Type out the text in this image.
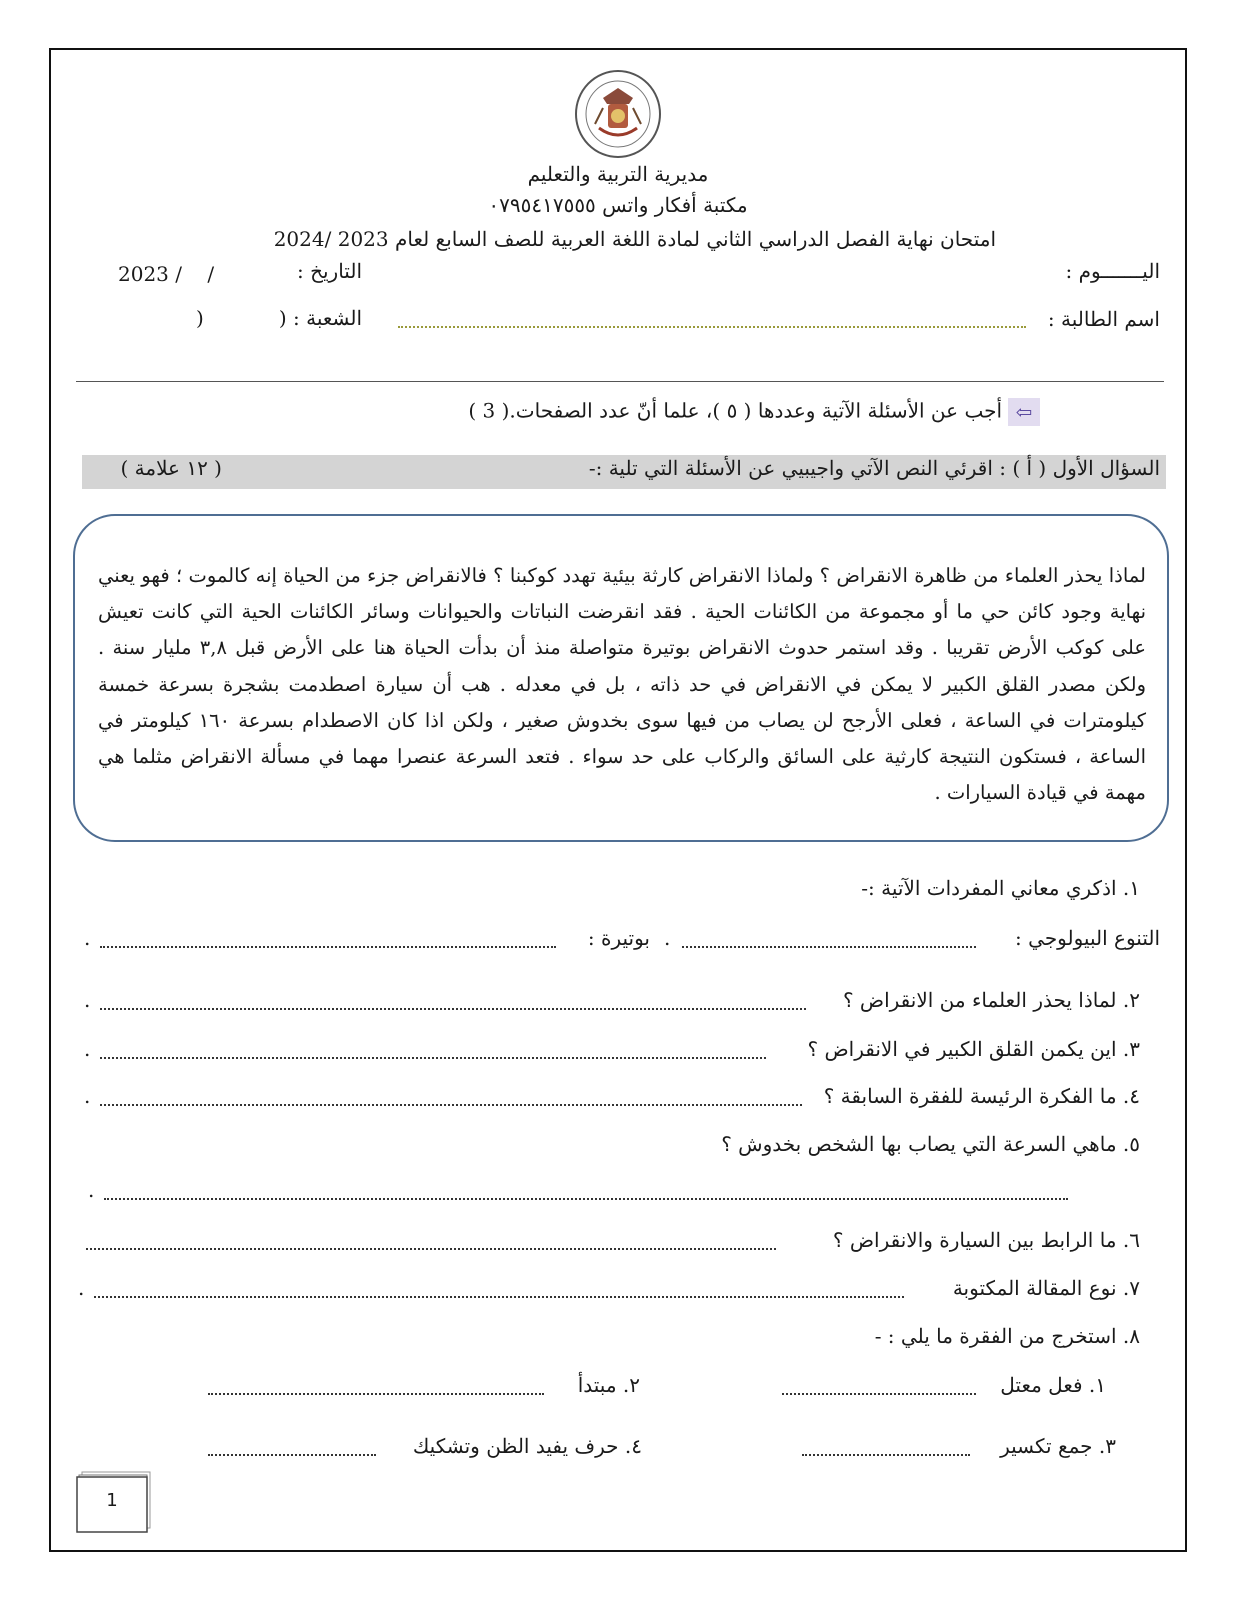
مديرية التربية والتعليم
مكتبة أفكار واتس ٠٧٩٥٤١٧٥٥٥
امتحان نهاية الفصل الدراسي الثاني لمادة اللغة العربية للصف السابع لعام 2023 /2024
اليـــــــوم :
التاريخ :
2023 /    /
اسم الطالبة :
الشعبة : (
)
⇦أجب عن الأسئلة الآتية وعددها ( ٥ )، علما أنّ عدد الصفحات.( 3 )
السؤال الأول ( أ ) : اقرئي النص الآتي واجيبيي عن الأسئلة التي تلية :-
( ١٢ علامة )
لماذا يحذر العلماء من ظاهرة الانقراض ؟ ولماذا الانقراض كارثة بيئية تهدد كوكبنا ؟ فالانقراض جزء من الحياة إنه كالموت ؛ فهو يعني نهاية وجود كائن حي ما أو مجموعة من الكائنات الحية . فقد انقرضت النباتات والحيوانات وسائر الكائنات الحية التي كانت تعيش على كوكب الأرض تقريبا . وقد استمر حدوث الانقراض بوتيرة متواصلة منذ أن بدأت الحياة هنا على الأرض قبل ٣,٨ مليار سنة . ولكن مصدر القلق الكبير لا يمكن في الانقراض في حد ذاته ، بل في معدله . هب أن سيارة اصطدمت بشجرة بسرعة خمسة كيلومترات في الساعة ، فعلى الأرجح لن يصاب من فيها سوى بخدوش صغير ، ولكن اذا كان الاصطدام بسرعة ١٦٠ كيلومتر في الساعة ، فستكون النتيجة كارثية على السائق والركاب على حد سواء . فتعد السرعة عنصرا مهما في مسألة الانقراض مثلما هي مهمة في قيادة السيارات .
١. اذكري معاني المفردات الآتية :-
التنوع البيولوجي :
.
بوتيرة :
.
٢. لماذا يحذر العلماء من الانقراض ؟
.
٣. اين يكمن القلق الكبير في الانقراض ؟
.
٤. ما الفكرة الرئيسة للفقرة السابقة ؟
.
٥. ماهي السرعة التي يصاب بها الشخص بخدوش ؟
.
٦. ما الرابط بين السيارة والانقراض ؟
٧. نوع المقالة المكتوبة
.
٨. استخرج من الفقرة ما يلي : -
١. فعل معتل
٢. مبتدأ
٣. جمع تكسير
٤. حرف يفيد الظن وتشكيك
1
